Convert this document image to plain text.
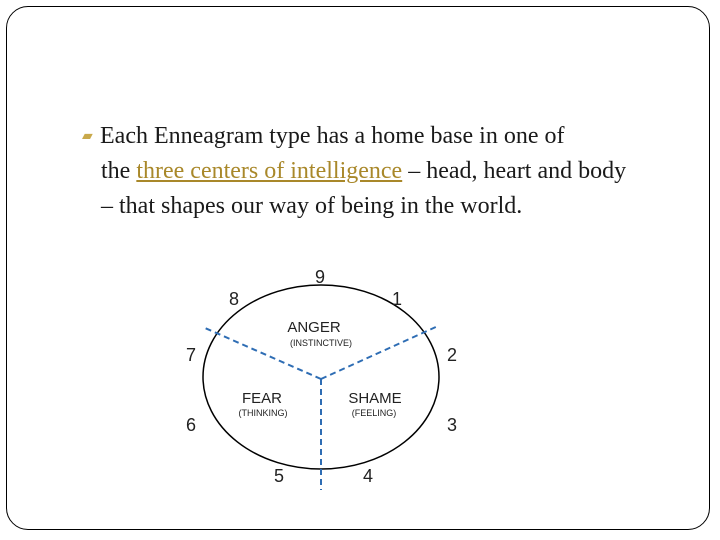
▰ Each Enneagram type has a home base in one of
the three centers of intelligence – head, heart and body
– that shapes our way of being in the world.
9
1
2
3
4
5
6
7
8
ANGER
(INSTINCTIVE)
FEAR
(THINKING)
SHAME
(FEELING)
